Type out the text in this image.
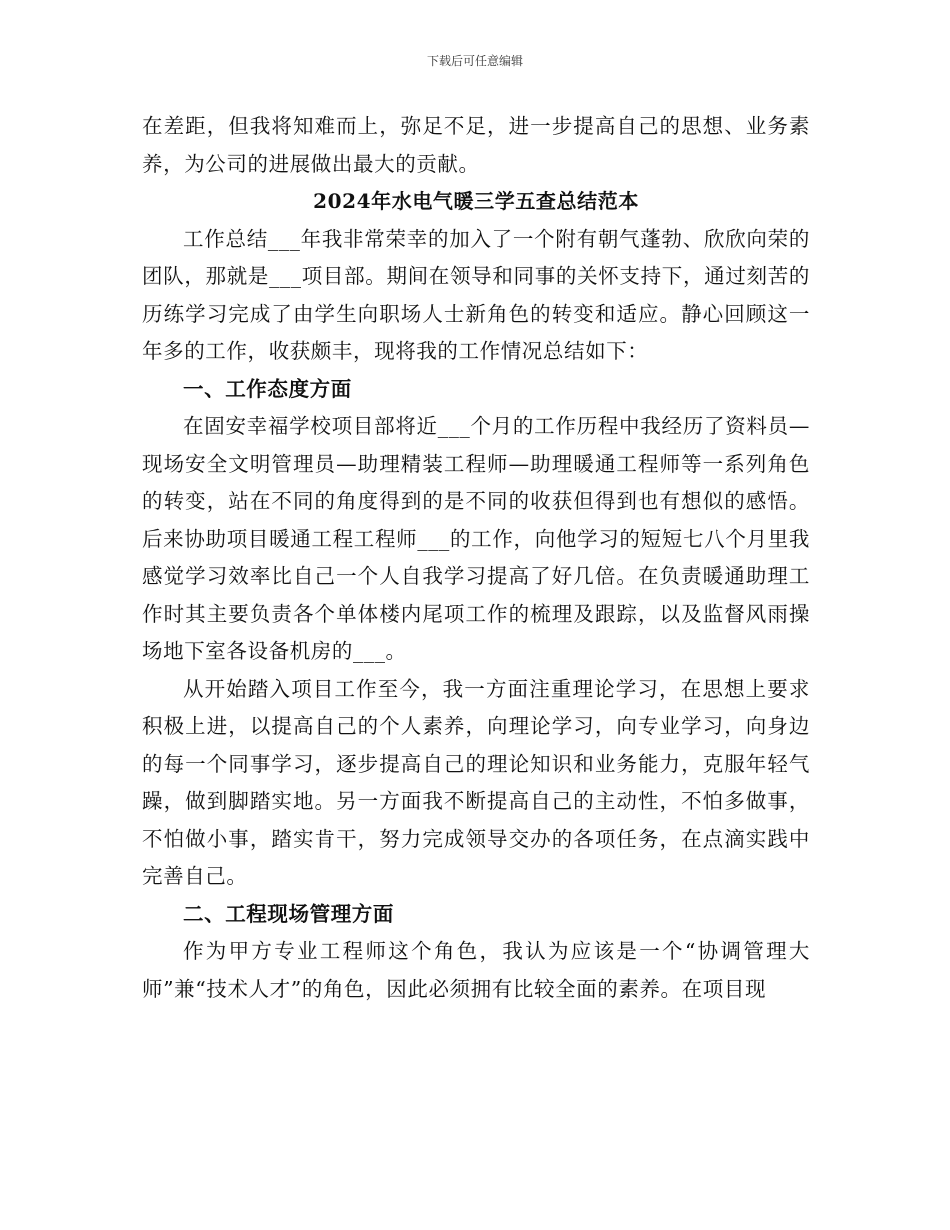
下载后可任意编辑

在差距，但我将知难而上，弥足不足，进一步提高自己的思想、业务素养，为公司的进展做出最大的贡献。

2024年水电气暖三学五查总结范本

工作总结___年我非常荣幸的加入了一个附有朝气蓬勃、欣欣向荣的团队，那就是___项目部。期间在领导和同事的关怀支持下，通过刻苦的历练学习完成了由学生向职场人士新角色的转变和适应。静心回顾这一年多的工作，收获颇丰，现将我的工作情况总结如下：

一、工作态度方面

在固安幸福学校项目部将近___个月的工作历程中我经历了资料员—现场安全文明管理员—助理精装工程师—助理暖通工程师等一系列角色的转变，站在不同的角度得到的是不同的收获但得到也有想似的感悟。后来协助项目暖通工程工程师___的工作，向他学习的短短七八个月里我感觉学习效率比自己一个人自我学习提高了好几倍。在负责暖通助理工作时其主要负责各个单体楼内尾项工作的梳理及跟踪，以及监督风雨操场地下室各设备机房的___。

从开始踏入项目工作至今，我一方面注重理论学习，在思想上要求积极上进，以提高自己的个人素养，向理论学习，向专业学习，向身边的每一个同事学习，逐步提高自己的理论知识和业务能力，克服年轻气躁，做到脚踏实地。另一方面我不断提高自己的主动性，不怕多做事，不怕做小事，踏实肯干，努力完成领导交办的各项任务，在点滴实践中完善自己。

二、工程现场管理方面

作为甲方专业工程师这个角色，我认为应该是一个“协调管理大师”兼“技术人才”的角色，因此必须拥有比较全面的素养。在项目现
